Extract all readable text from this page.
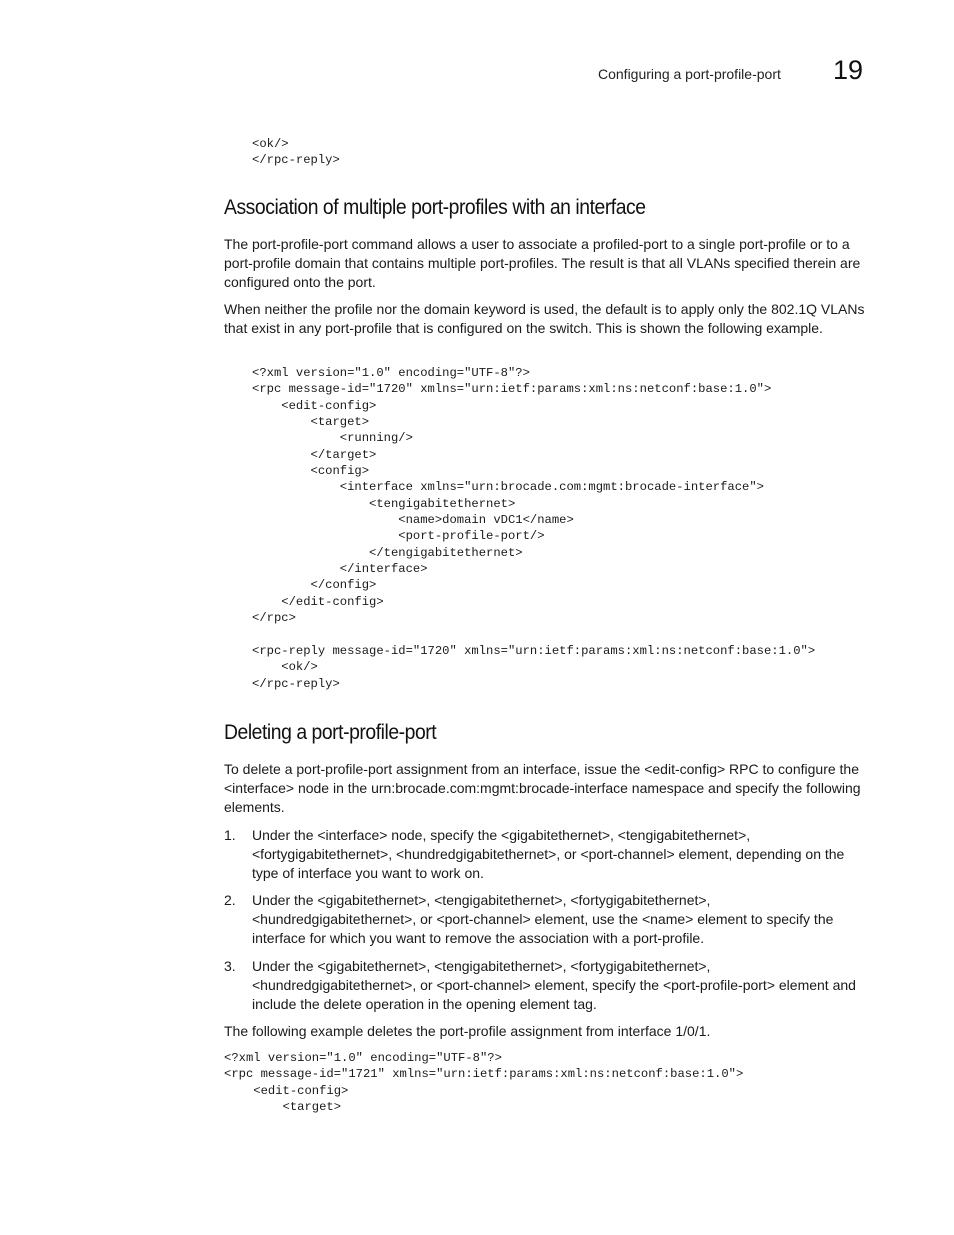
Configuring a port-profile-port 19
<ok/>
</rpc-reply>
Association of multiple port-profiles with an interface

The port-profile-port command allows a user to associate a profiled-port to a single port-profile or to a port-profile domain that contains multiple port-profiles. The result is that all VLANs specified therein are configured onto the port.

When neither the profile nor the domain keyword is used, the default is to apply only the 802.1Q VLANs that exist in any port-profile that is configured on the switch. This is shown the following example.

<?xml version="1.0" encoding="UTF-8"?>
<rpc message-id="1720" xmlns="urn:ietf:params:xml:ns:netconf:base:1.0">
<edit-config>
<target>
<running/>
</target>
<config>
<interface xmlns="urn:brocade.com:mgmt:brocade-interface">
<tengigabitethernet>
<name>domain vDC1</name>
<port-profile-port/>
</tengigabitethernet>
</interface>
</config>
</edit-config>
</rpc>

<rpc-reply message-id="1720" xmlns="urn:ietf:params:xml:ns:netconf:base:1.0">
<ok/>
</rpc-reply>
Deleting a port-profile-port

To delete a port-profile-port assignment from an interface, issue the <edit-config> RPC to configure the <interface> node in the urn:brocade.com:mgmt:brocade-interface namespace and specify the following elements.

1. Under the <interface> node, specify the <gigabitethernet>, <tengigabitethernet>, <fortygigabitethernet>, <hundredgigabitethernet>, or <port-channel> element, depending on the type of interface you want to work on.
2. Under the <gigabitethernet>, <tengigabitethernet>, <fortygigabitethernet>, <hundredgigabitethernet>, or <port-channel> element, use the <name> element to specify the interface for which you want to remove the association with a port-profile.
3. Under the <gigabitethernet>, <tengigabitethernet>, <fortygigabitethernet>, <hundredgigabitethernet>, or <port-channel> element, specify the <port-profile-port> element and include the delete operation in the opening element tag.

The following example deletes the port-profile assignment from interface 1/0/1.

<?xml version="1.0" encoding="UTF-8"?>
<rpc message-id="1721" xmlns="urn:ietf:params:xml:ns:netconf:base:1.0">
<edit-config>
<target>
